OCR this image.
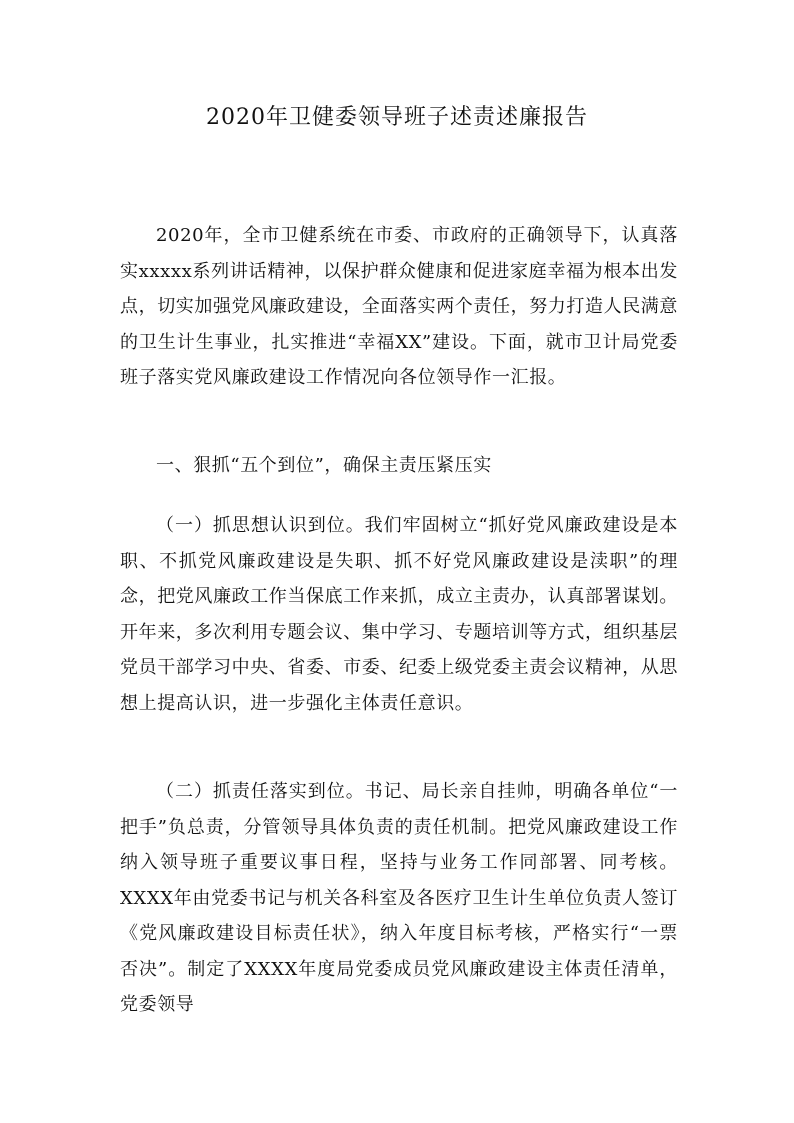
2020年卫健委领导班子述责述廉报告

2020年，全市卫健系统在市委、市政府的正确领导下，认真落实xxxxx系列讲话精神，以保护群众健康和促进家庭幸福为根本出发点，切实加强党风廉政建设，全面落实两个责任，努力打造人民满意的卫生计生事业，扎实推进“幸福XX”建设。下面，就市卫计局党委班子落实党风廉政建设工作情况向各位领导作一汇报。

一、狠抓“五个到位”，确保主责压紧压实

（一）抓思想认识到位。我们牢固树立“抓好党风廉政建设是本职、不抓党风廉政建设是失职、抓不好党风廉政建设是渎职”的理念，把党风廉政工作当保底工作来抓，成立主责办，认真部署谋划。开年来，多次利用专题会议、集中学习、专题培训等方式，组织基层党员干部学习中央、省委、市委、纪委上级党委主责会议精神，从思想上提高认识，进一步强化主体责任意识。

（二）抓责任落实到位。书记、局长亲自挂帅，明确各单位“一把手”负总责，分管领导具体负责的责任机制。把党风廉政建设工作纳入领导班子重要议事日程，坚持与业务工作同部署、同考核。XXXX年由党委书记与机关各科室及各医疗卫生计生单位负责人签订《党风廉政建设目标责任状》，纳入年度目标考核，严格实行“一票否决”。制定了XXXX年度局党委成员党风廉政建设主体责任清单，党委领导
